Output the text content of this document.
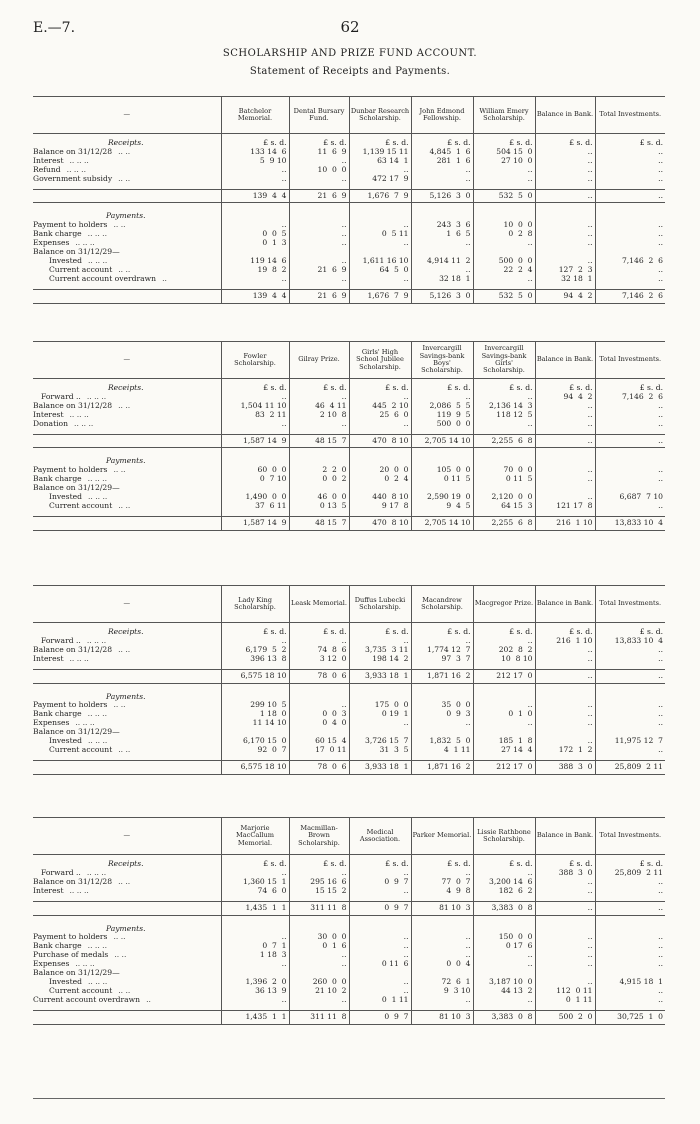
E.—7.	62
SCHOLARSHIP AND PRIZE FUND ACCOUNT.
Statement of Receipts and Payments.
—	Batchelor Memorial.	Dental Bursary Fund.	Dunbar Research Scholarship.	John Edmond Fellowship.	William Emery Scholarship.	Balance in Bank.	Total Investments.

Receipts.	£ s. d.	£ s. d.	£ s. d.	£ s. d.	£ s. d.	£ s. d.	£ s. d.
Balance on 31/12/28 .. ..	133 14  6	11  6  9	1,139 15 11	4,845  1  6	504 15  0	..	..
Interest .. .. ..	5  9 10	..	63 14  1	281  1  6	27 10  0	..	..
Refund .. .. ..	..	10  0  0	..	..	..	..	..
Government subsidy .. ..	..	..	472 17  9	..	..	..	..

	139  4  4	21  6  9	1,676  7  9	5,126  3  0	532  5  0	..	..

Payments.							
Payment to holders .. ..	..	..	..	243  3  6	10  0  0	..	..
Bank charge .. .. ..	0  0  5	..	0  5 11	1  6  5	0  2  8	..	..
Expenses .. .. ..	0  1  3	..	..	..	..	..	..
Balance on 31/12/29—							
Invested .. .. ..	119 14  6	..	1,611 16 10	4,914 11  2	500  0  0	..	7,146  2  6
Current account .. ..	19  8  2	21  6  9	64  5  0	..	22  2  4	127  2  3	..
Current account overdrawn ..	..	..	..	32 18  1	..	32 18  1	..

	139  4  4	21  6  9	1,676  7  9	5,126  3  0	532  5  0	94  4  2	7,146  2  6
—	Fowler Scholarship.	Gilray Prize.	Girls' High School Jubilee Scholarship.	Invercargill Savings-bank Boys' Scholarship.	Invercargill Savings-bank Girls' Scholarship.	Balance in Bank.	Total Investments.

Receipts.	£ s. d.	£ s. d.	£ s. d.	£ s. d.	£ s. d.	£ s. d.	£ s. d.
Forward .. .. .. ..	..	..	..	..	..	94  4  2	7,146  2  6
Balance on 31/12/28 .. ..	1,504 11 10	46  4 11	445  2 10	2,086  5  5	2,136 14  3	..	..
Interest .. .. ..	83  2 11	2 10  8	25  6  0	119  9  5	118 12  5	..	..
Donation .. .. ..	..	..	..	500  0  0	..	..	..

	1,587 14  9	48 15  7	470  8 10	2,705 14 10	2,255  6  8	..	..

Payments.							
Payment to holders .. ..	60  0  0	2  2  0	20  0  0	105  0  0	70  0  0	..	..
Bank charge .. .. ..	0  7 10	0  0  2	0  2  4	0 11  5	0 11  5	..	..
Balance on 31/12/29—							
Invested .. .. ..	1,490  0  0	46  0  0	440  8 10	2,590 19  0	2,120  0  0	..	6,687  7 10
Current account .. ..	37  6 11	0 13  5	9 17  8	9  4  5	64 15  3	121 17  8	..

	1,587 14  9	48 15  7	470  8 10	2,705 14 10	2,255  6  8	216  1 10	13,833 10  4
—	Lady King Scholarship.	Leask Memorial.	Duffus Lubecki Scholarship.	Macandrew Scholarship.	Macgregor Prize.	Balance in Bank.	Total Investments.

Receipts.	£ s. d.	£ s. d.	£ s. d.	£ s. d.	£ s. d.	£ s. d.	£ s. d.
Forward .. .. .. ..	..	..	..	..	..	216  1 10	13,833 10  4
Balance on 31/12/28 .. ..	6,179  5  2	74  8  6	3,735  3 11	1,774 12  7	202  8  2	..	..
Interest .. .. ..	396 13  8	3 12  0	198 14  2	97  3  7	10  8 10	..	..

	6,575 18 10	78  0  6	3,933 18  1	1,871 16  2	212 17  0	..	..

Payments.							
Payment to holders .. ..	299 10  5	..	175  0  0	35  0  0	..	..	..
Bank charge .. .. ..	1 18  0	0  0  3	0 19  1	0  9  3	0  1  0	..	..
Expenses .. .. ..	11 14 10	0  4  0	..	..	..	..	..
Balance on 31/12/29—							
Invested .. .. ..	6,170 15  0	60 15  4	3,726 15  7	1,832  5  0	185  1  8	..	11,975 12  7
Current account .. ..	92  0  7	17  0 11	31  3  5	4  1 11	27 14  4	172  1  2	..

	6,575 18 10	78  0  6	3,933 18  1	1,871 16  2	212 17  0	388  3  0	25,809  2 11
—	Marjorie MacCallum Memorial.	Macmillan-Brown Scholarship.	Medical Association.	Parker Memorial.	Lissie Rathbone Scholarship.	Balance in Bank.	Total Investments.

Receipts.	£ s. d.	£ s. d.	£ s. d.	£ s. d.	£ s. d.	£ s. d.	£ s. d.
Forward .. .. .. ..	..	..	..	..	..	388  3  0	25,809  2 11
Balance on 31/12/28 .. ..	1,360 15  1	295 16  6	0  9  7	77  0  7	3,200 14  6	..	..
Interest .. .. ..	74  6  0	15 15  2	..	4  9  8	182  6  2	..	..

	1,435  1  1	311 11  8	0  9  7	81 10  3	3,383  0  8	..	..

Payments.							
Payment to holders .. ..	..	30  0  0	..	..	150  0  0	..	..
Bank charge .. .. ..	0  7  1	0  1  6	..	..	0 17  6	..	..
Purchase of medals .. ..	1 18  3	..	..	..	..	..	..
Expenses .. .. ..	..	..	0 11  6	0  0  4	..	..	..
Balance on 31/12/29—							
Invested .. .. ..	1,396  2  0	260  0  0	..	72  6  1	3,187 10  0	..	4,915 18  1
Current account .. ..	36 13  9	21 10  2	..	9  3 10	44 13  2	112  0 11	..
Current account overdrawn ..	..	..	0  1 11	..	..	0  1 11	..

	1,435  1  1	311 11  8	0  9  7	81 10  3	3,383  0  8	500  2  0	30,725  1  0
